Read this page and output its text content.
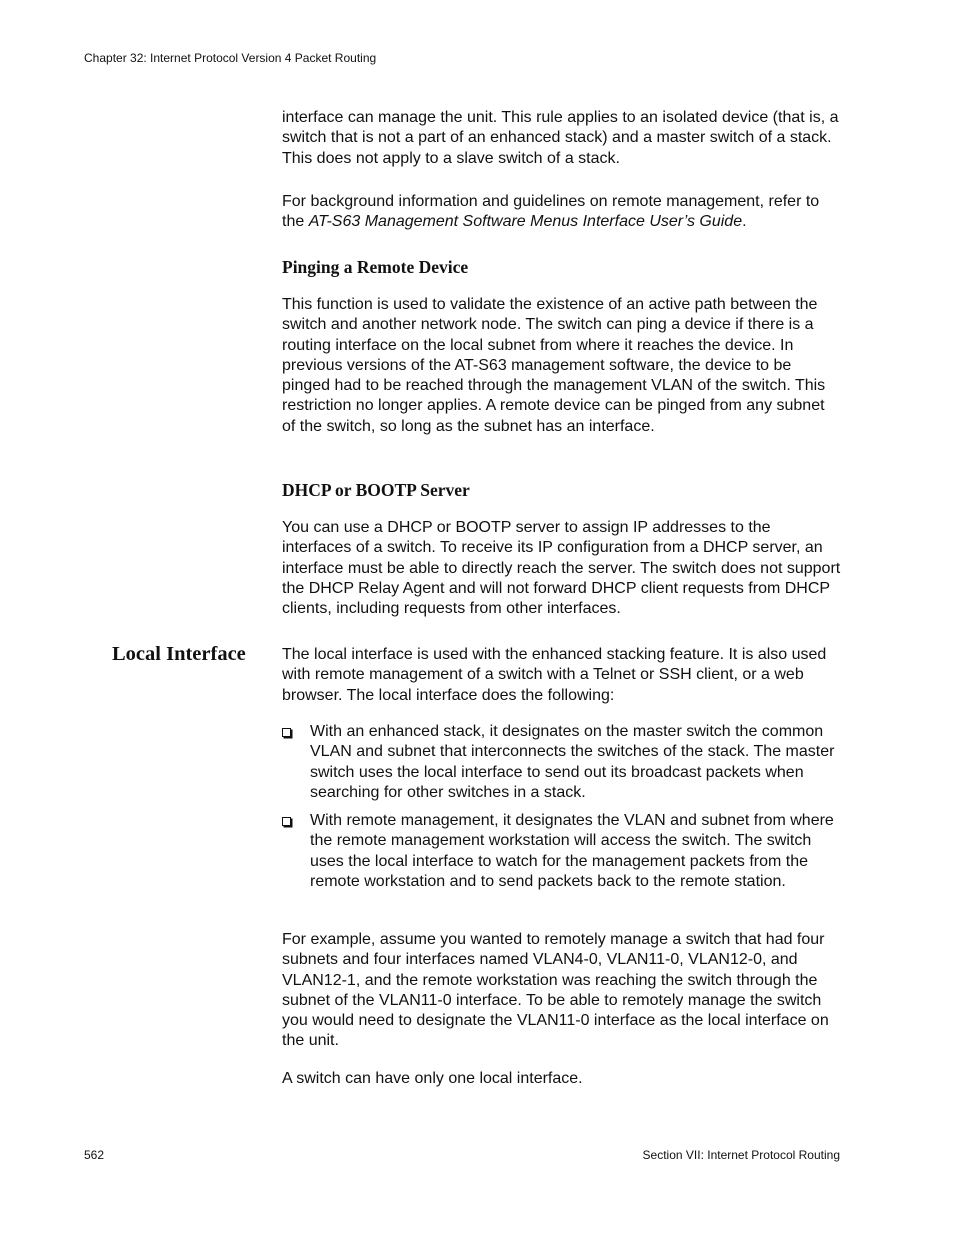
Chapter 32: Internet Protocol Version 4 Packet Routing

interface can manage the unit. This rule applies to an isolated device (that is, a switch that is not a part of an enhanced stack) and a master switch of a stack. This does not apply to a slave switch of a stack.

For background information and guidelines on remote management, refer to the AT-S63 Management Software Menus Interface User’s Guide.

Pinging a Remote Device

This function is used to validate the existence of an active path between the switch and another network node. The switch can ping a device if there is a routing interface on the local subnet from where it reaches the device. In previous versions of the AT-S63 management software, the device to be pinged had to be reached through the management VLAN of the switch. This restriction no longer applies. A remote device can be pinged from any subnet of the switch, so long as the subnet has an interface.

DHCP or BOOTP Server

You can use a DHCP or BOOTP server to assign IP addresses to the interfaces of a switch. To receive its IP configuration from a DHCP server, an interface must be able to directly reach the server. The switch does not support the DHCP Relay Agent and will not forward DHCP client requests from DHCP clients, including requests from other interfaces.

Local Interface The local interface is used with the enhanced stacking feature. It is also used with remote management of a switch with a Telnet or SSH client, or a web browser. The local interface does the following:

With an enhanced stack, it designates on the master switch the common VLAN and subnet that interconnects the switches of the stack. The master switch uses the local interface to send out its broadcast packets when searching for other switches in a stack.
With remote management, it designates the VLAN and subnet from where the remote management workstation will access the switch. The switch uses the local interface to watch for the management packets from the remote workstation and to send packets back to the remote station.

For example, assume you wanted to remotely manage a switch that had four subnets and four interfaces named VLAN4-0, VLAN11-0, VLAN12-0, and VLAN12-1, and the remote workstation was reaching the switch through the subnet of the VLAN11-0 interface. To be able to remotely manage the switch you would need to designate the VLAN11-0 interface as the local interface on the unit.

A switch can have only one local interface.

562	Section VII: Internet Protocol Routing
